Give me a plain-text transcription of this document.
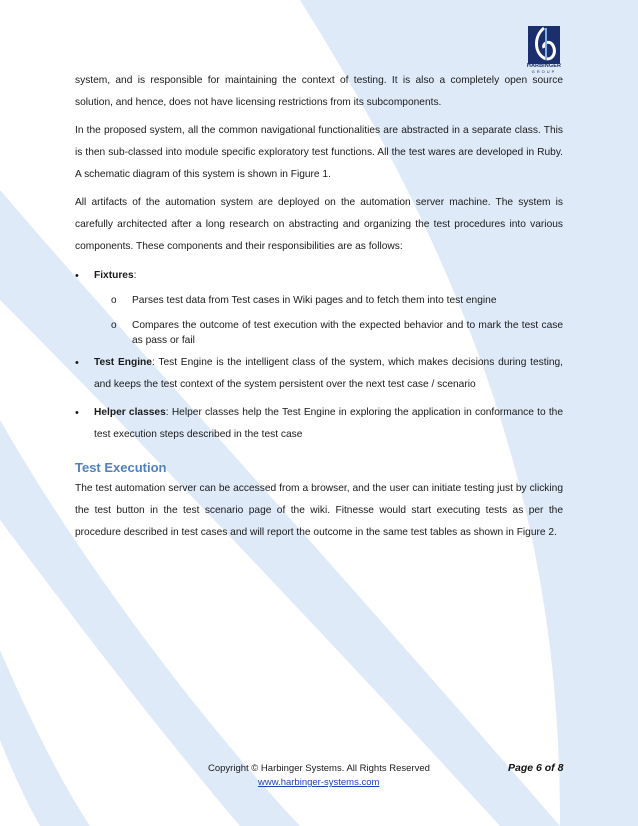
HARBINGER
GROUP

system, and is responsible for maintaining the context of testing. It is also a completely open source solution, and hence, does not have licensing restrictions from its subcomponents.

In the proposed system, all the common navigational functionalities are abstracted in a separate class. This is then sub-classed into module specific exploratory test functions. All the test wares are developed in Ruby. A schematic diagram of this system is shown in Figure 1.

All artifacts of the automation system are deployed on the automation server machine. The system is carefully architected after a long research on abstracting and organizing the test procedures into various components. These components and their responsibilities are as follows:

• Fixtures:
o Parses test data from Test cases in Wiki pages and to fetch them into test engine
o Compares the outcome of test execution with the expected behavior and to mark the test case as pass or fail
• Test Engine: Test Engine is the intelligent class of the system, which makes decisions during testing, and keeps the test context of the system persistent over the next test case / scenario
• Helper classes: Helper classes help the Test Engine in exploring the application in conformance to the test execution steps described in the test case
Test Execution

The test automation server can be accessed from a browser, and the user can initiate testing just by clicking the test button in the test scenario page of the wiki. Fitnesse would start executing tests as per the procedure described in test cases and will report the outcome in the same test tables as shown in Figure 2.

Copyright © Harbinger Systems. All Rights Reserved	Page 6 of 8
www.harbinger-systems.com
